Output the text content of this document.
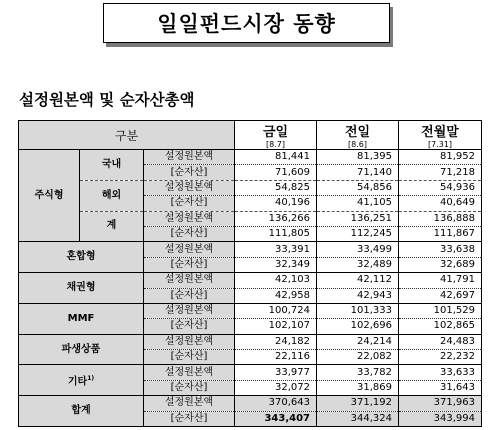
일일펀드시장 동향
설정원본액 및 순자산총액
구분			금일	전일	전월말
			[8.7]	[8.6]	[7.31]
주식형	국내	설정원본액	81,441	81,395	81,952
		[순자산]	71,609	71,140	71,218
	해외	설정원본액	54,825	54,856	54,936
		[순자산]	40,196	41,105	40,649
	계	설정원본액	136,266	136,251	136,888
		[순자산]	111,805	112,245	111,867
혼합형		설정원본액	33,391	33,499	33,638
		[순자산]	32,349	32,489	32,689
채권형		설정원본액	42,103	42,112	41,791
		[순자산]	42,958	42,943	42,697
MMF		설정원본액	100,724	101,333	101,529
		[순자산]	102,107	102,696	102,865
파생상품		설정원본액	24,182	24,214	24,483
		[순자산]	22,116	22,082	22,232
기타$^{1)}$		설정원본액	33,977	33,782	33,633
		[순자산]	32,072	31,869	31,643
합계		설정원본액	370,643	371,192	371,963
		[순자산]	343,407	344,324	343,994
